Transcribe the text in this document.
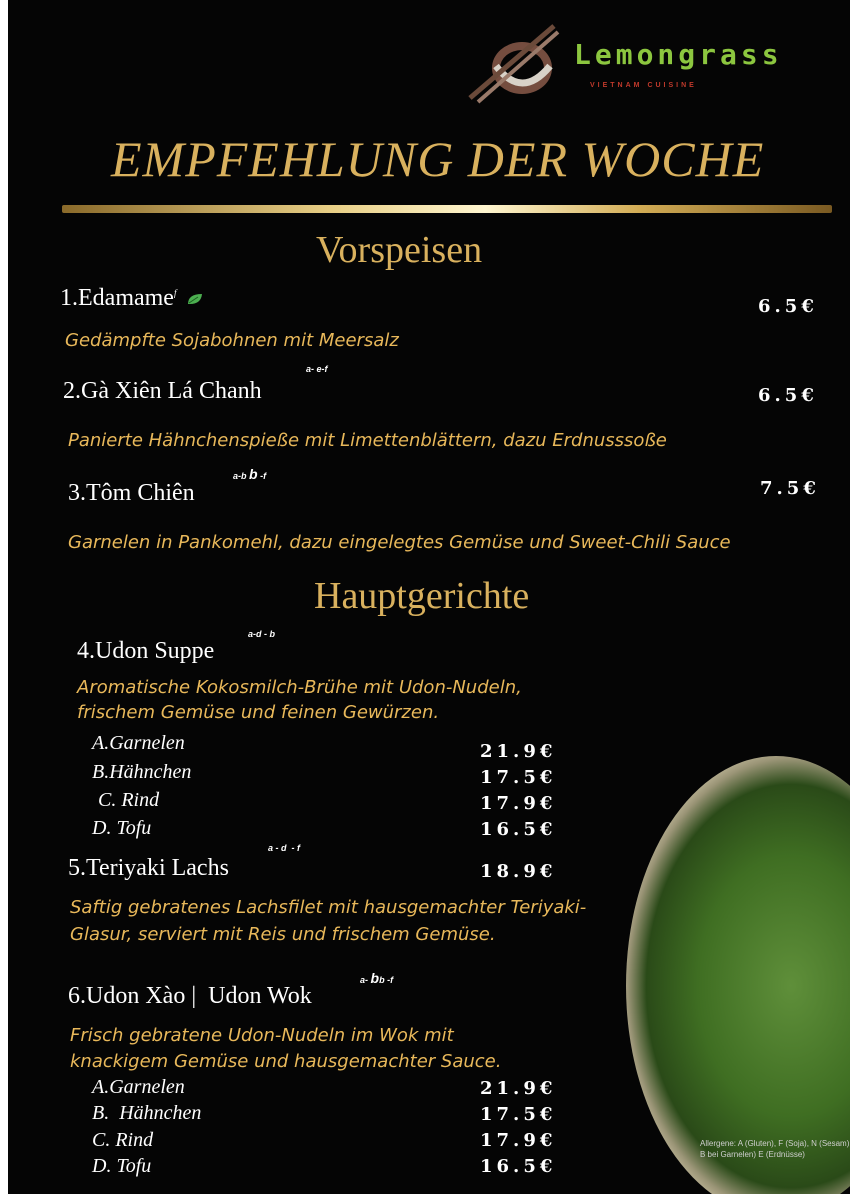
Lemongrass
VIETNAM CUISINE
EMPFEHLUNG DER WOCHE
Vorspeisen
1.Edamame$^f$
6.5€
Gedämpfte Sojabohnen mit Meersalz
2.Gà Xiên Lá Chanh
a- e-f
6.5€
Panierte Hähnchenspieße mit Limettenblättern, dazu Erdnusssoße
3.Tôm Chiên
a-b b -f
7.5€
Garnelen in Pankomehl, dazu eingelegtes Gemüse und Sweet-Chili Sauce
Hauptgerichte
4.Udon Suppe
a-d - b
Aromatische Kokosmilch-Brühe mit Udon-Nudeln,
frischem Gemüse und feinen Gewürzen.
A.Garnelen	21.9€
B.Hähnchen	17.5€
C. Rind	17.9€
D. Tofu	16.5€
5.Teriyaki Lachs
a - d  - f
18.9€
Saftig gebratenes Lachsfilet mit hausgemachter Teriyaki-
Glasur, serviert mit Reis und frischem Gemüse.
6.Udon Xào |  Udon Wok
a- bb -f
Frisch gebratene Udon-Nudeln im Wok mit
knackigem Gemüse und hausgemachter Sauce.
A.Garnelen	21.9€
B.  Hähnchen	17.5€
C. Rind	17.9€
D. Tofu	16.5€
Allergene: A (Gluten), F (Soja), N (Sesam) B bei Garnelen) E (Erdnüsse)
